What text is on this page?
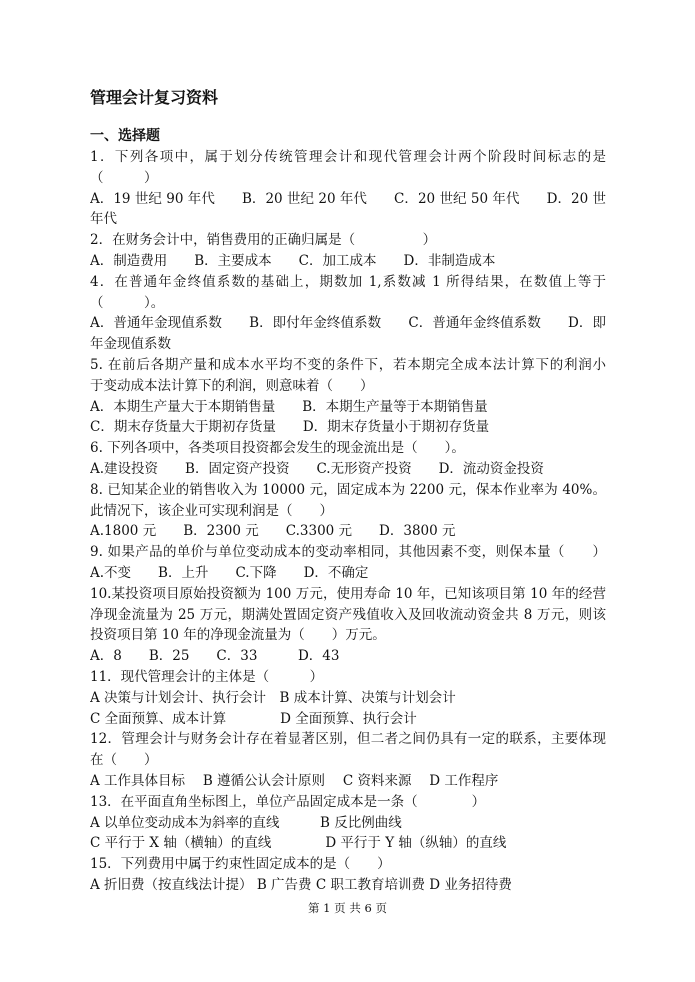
管理会计复习资料
一、选择题
1．下列各项中，属于划分传统管理会计和现代管理会计两个阶段时间标志的是
（　　　）
A．19 世纪 90 年代　　B．20 世纪 20 年代　　C．20 世纪 50 年代　　D．20 世
年代
2．在财务会计中，销售费用的正确归属是（　　　　　）
A．制造费用　　B．主要成本　　C．加工成本　　D．非制造成本
4．在普通年金终值系数的基础上，期数加 1,系数减 1 所得结果，在数值上等于
（　　　）。
A．普通年金现值系数　　B．即付年金终值系数　　C．普通年金终值系数　　D．即
年金现值系数
5. 在前后各期产量和成本水平均不变的条件下，若本期完全成本法计算下的利润小
于变动成本法计算下的利润，则意味着（　　）
A．本期生产量大于本期销售量　　B．本期生产量等于本期销售量
C．期末存货量大于期初存货量　　D．期末存货量小于期初存货量
6. 下列各项中，各类项目投资都会发生的现金流出是（　　）。
A.建设投资　　B．固定资产投资　　C.无形资产投资　　D．流动资金投资
8. 已知某企业的销售收入为 10000 元，固定成本为 2200 元，保本作业率为 40%。
此情况下，该企业可实现利润是（　　）
A.1800 元　　B．2300 元　　C.3300 元　　D．3800 元
9. 如果产品的单价与单位变动成本的变动率相同，其他因素不变，则保本量（　　）
A.不变　　B．上升　　C.下降　　D．不确定
10.某投资项目原始投资额为 100 万元，使用寿命 10 年，已知该项目第 10 年的经营
净现金流量为 25 万元，期满处置固定资产残值收入及回收流动资金共 8 万元，则该
投资项目第 10 年的净现金流量为（　　）万元。
A．8　　B．25　　C．33　　　D．43
11．现代管理会计的主体是（　　　）
A 决策与计划会计、执行会计　B 成本计算、决策与计划会计
C 全面预算、成本计算　　　　D 全面预算、执行会计
12．管理会计与财务会计存在着显著区别，但二者之间仍具有一定的联系，主要体现
在（　　）
A 工作具体目标　 B 遵循公认会计原则　 C 资料来源　 D 工作程序
13．在平面直角坐标图上，单位产品固定成本是一条（　　　　）
A 以单位变动成本为斜率的直线　　　B 反比例曲线
C 平行于 X 轴（横轴）的直线　　　　D 平行于 Y 轴（纵轴）的直线
15．下列费用中属于约束性固定成本的是（　　）
A 折旧费（按直线法计提） B 广告费 C 职工教育培训费 D 业务招待费
第 1 页 共 6 页
